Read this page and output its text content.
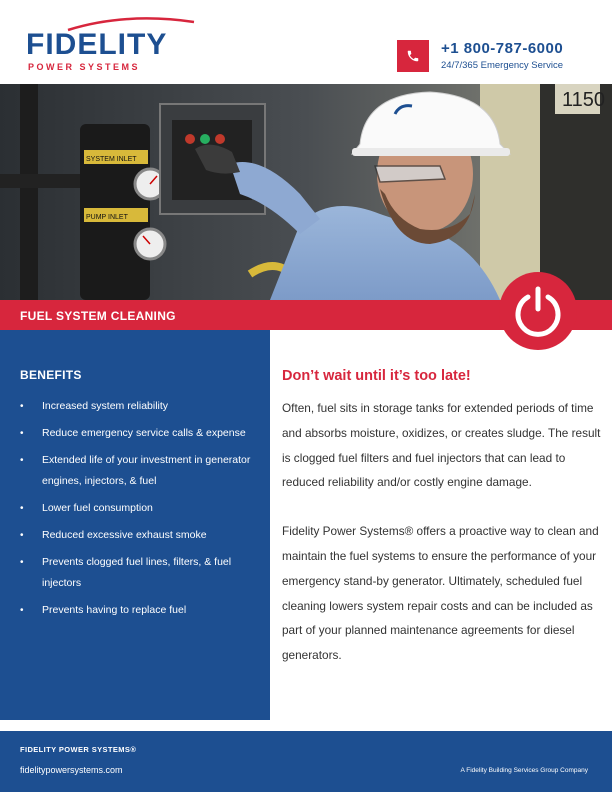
FIDELITY
POWER SYSTEMS
+1 800-787-6000
24/7/365 Emergency Service
1150
SYSTEM INLET
PUMP INLET
FUEL SYSTEM CLEANING
BENEFITS
• Increased system reliability
• Reduce emergency service calls & expense
• Extended life of your investment in generator engines, injectors, & fuel
• Lower fuel consumption
• Reduced excessive exhaust smoke
• Prevents clogged fuel lines, filters, & fuel injectors
• Prevents having to replace fuel
Don’t wait until it’s too late!

Often, fuel sits in storage tanks for extended periods of time and absorbs moisture, oxidizes, or creates sludge. The result is clogged fuel filters and fuel injectors that can lead to reduced reliability and/or costly engine damage.

Fidelity Power Systems® offers a proactive way to clean and maintain the fuel systems to ensure the performance of your emergency stand-by generator. Ultimately, scheduled fuel cleaning lowers system repair costs and can be included as part of your planned maintenance agreements for diesel generators.

FIDELITY POWER SYSTEMS®
fidelitypowersystems.com	A Fidelity Building Services Group Company
